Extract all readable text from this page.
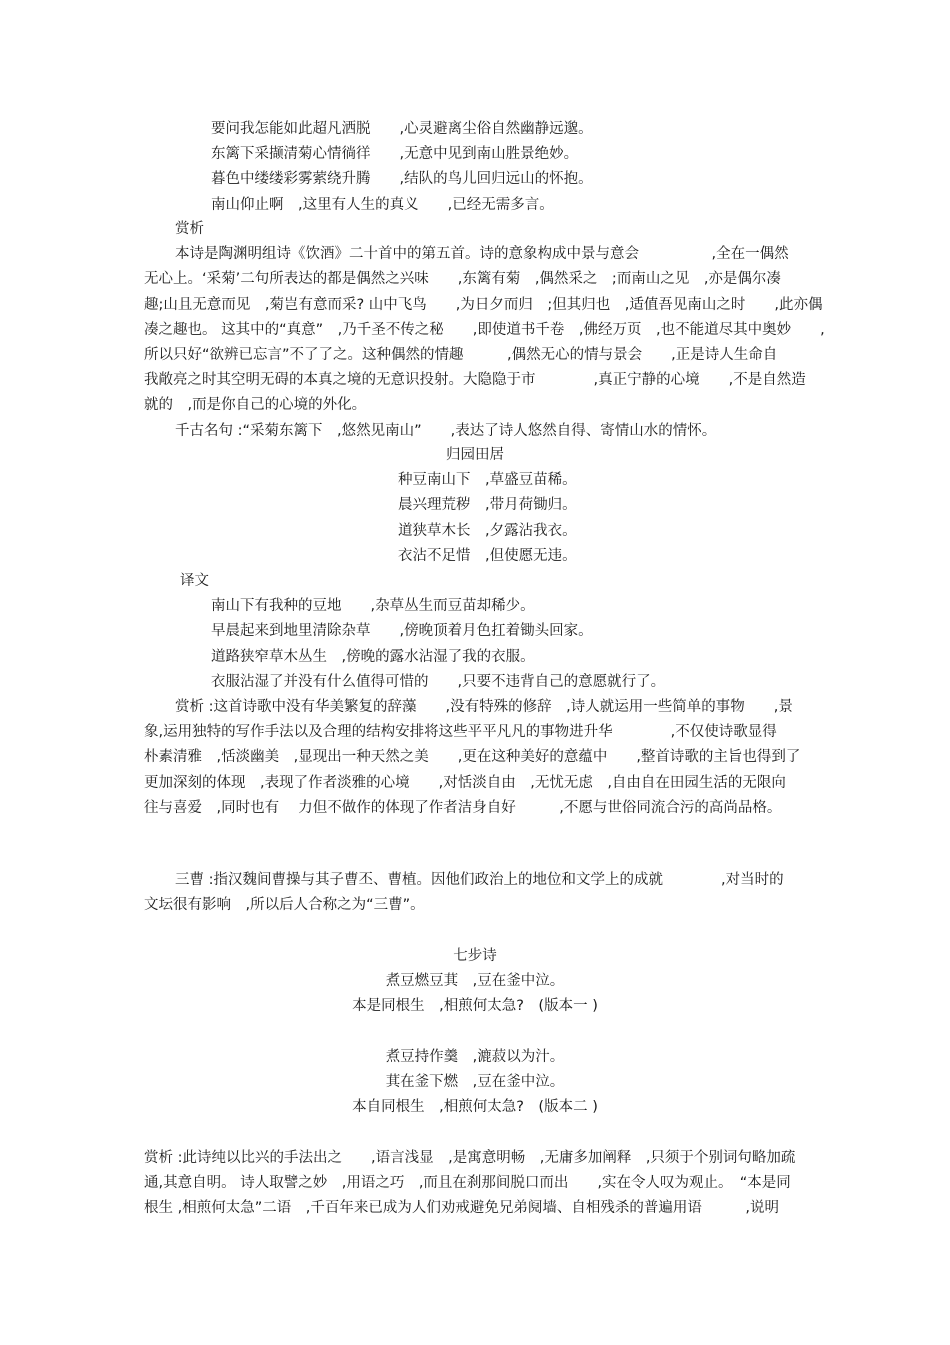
要问我怎能如此超凡洒脱　　,心灵避离尘俗自然幽静远邈。
东篱下采撷清菊心情徜徉　　,无意中见到南山胜景绝妙。
暮色中缕缕彩雾萦绕升腾　　,结队的鸟儿回归远山的怀抱。
南山仰止啊　,这里有人生的真义　　,已经无需多言。
赏析
本诗是陶渊明组诗《饮酒》二十首中的第五首。诗的意象构成中景与意会　　　　　,全在一偶然
无心上。‘采菊’二句所表达的都是偶然之兴味　　,东篱有菊　,偶然采之　;而南山之见　,亦是偶尔凑
趣;山且无意而见　,菊岂有意而采? 山中飞鸟　　,为日夕而归　;但其归也　,适值吾见南山之时　　,此亦偶
凑之趣也。 这其中的“真意”　,乃千圣不传之秘　　,即使道书千卷　,佛经万页　,也不能道尽其中奥妙　　,
所以只好“欲辨已忘言”不了了之。这种偶然的情趣　　　,偶然无心的情与景会　　,正是诗人生命自
我敞亮之时其空明无碍的本真之境的无意识投射。大隐隐于市　　　　,真正宁静的心境　　,不是自然造
就的　,而是你自己的心境的外化。
千古名句 :“采菊东篱下　,悠然见南山”　　,表达了诗人悠然自得、寄情山水的情怀。
归园田居
种豆南山下　,草盛豆苗稀。
晨兴理荒秽　,带月荷锄归。
道狭草木长　,夕露沾我衣。
衣沾不足惜　,但使愿无违。
译文
南山下有我种的豆地　　,杂草丛生而豆苗却稀少。
早晨起来到地里清除杂草　　,傍晚顶着月色扛着锄头回家。
道路狭窄草木丛生　,傍晚的露水沾湿了我的衣服。
衣服沾湿了并没有什么值得可惜的　　,只要不违背自己的意愿就行了。
赏析 :这首诗歌中没有华美繁复的辞藻　　,没有特殊的修辞　,诗人就运用一些简单的事物　　,景
象,运用独特的写作手法以及合理的结构安排将这些平平凡凡的事物进升华　　　　,不仅使诗歌显得
朴素清雅　,恬淡幽美　,显现出一种天然之美　　,更在这种美好的意蕴中　　,整首诗歌的主旨也得到了
更加深刻的体现　,表现了作者淡雅的心境　　,对恬淡自由　,无忧无虑　,自由自在田园生活的无限向
往与喜爱　,同时也有　 力但不做作的体现了作者洁身自好　　　,不愿与世俗同流合污的高尚品格。
三曹 :指汉魏间曹操与其子曹丕、曹植。因他们政治上的地位和文学上的成就　　　　,对当时的
文坛很有影响　,所以后人合称之为“三曹”。
七步诗
煮豆燃豆萁　,豆在釜中泣。
本是同根生　,相煎何太急?　(版本一 )
煮豆持作羹　,漉菽以为汁。
萁在釜下燃　,豆在釜中泣。
本自同根生　,相煎何太急?　(版本二 )
赏析 :此诗纯以比兴的手法出之　　,语言浅显　,是寓意明畅　,无庸多加阐释　,只须于个别词句略加疏
通,其意自明。 诗人取譬之妙　,用语之巧　,而且在刹那间脱口而出　　,实在令人叹为观止。　“本是同
根生 ,相煎何太急”二语　,千百年来已成为人们劝戒避免兄弟阋墙、自相残杀的普遍用语　　　,说明
